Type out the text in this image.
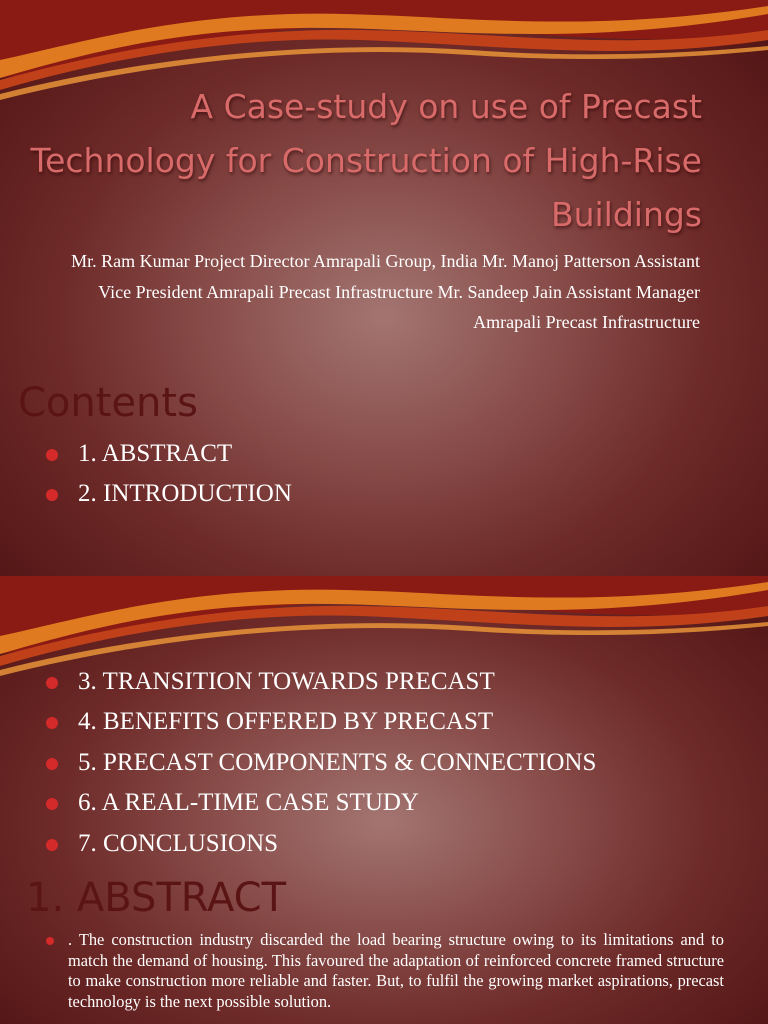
A Case-study on use of Precast Technology for Construction of High-Rise Buildings

Mr. Ram Kumar Project Director Amrapali Group, India Mr. Manoj Patterson Assistant Vice President Amrapali Precast Infrastructure Mr. Sandeep Jain Assistant Manager Amrapali Precast Infrastructure

Contents
1. ABSTRACT
2. INTRODUCTION
3. TRANSITION TOWARDS PRECAST
4. BENEFITS OFFERED BY PRECAST
5. PRECAST COMPONENTS & CONNECTIONS
6. A REAL-TIME CASE STUDY
7. CONCLUSIONS
1. ABSTRACT
. The construction industry discarded the load bearing structure owing to its limitations and to match the demand of housing. This favoured the adaptation of reinforced concrete framed structure to make construction more reliable and faster. But, to fulfil the growing market aspirations, precast technology is the next possible solution.
